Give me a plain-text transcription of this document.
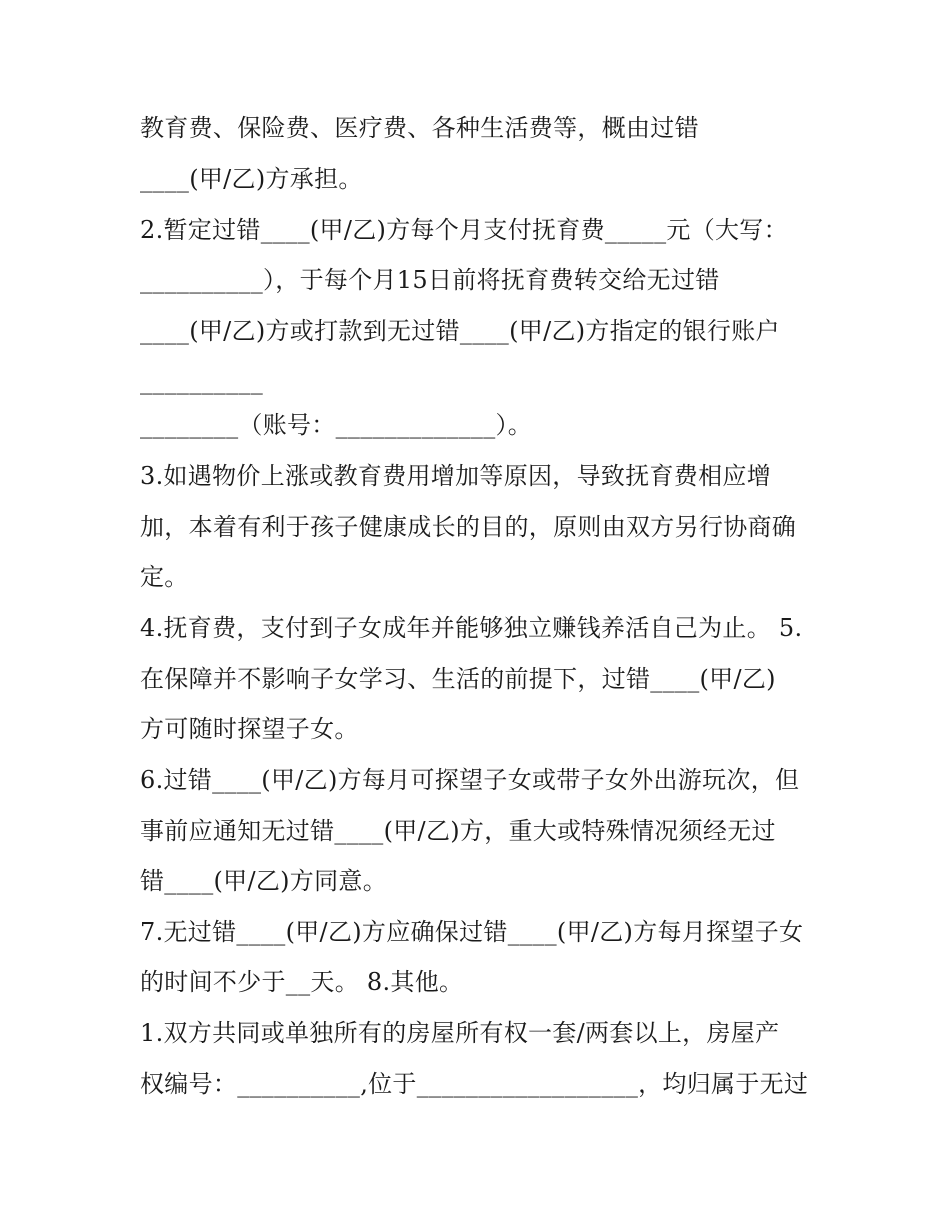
教育费、保险费、医疗费、各种生活费等，概由过错
____(甲/乙)方承担。
2.暂定过错____(甲/乙)方每个月支付抚育费_____元（大写：
__________），于每个月15日前将抚育费转交给无过错
____(甲/乙)方或打款到无过错____(甲/乙)方指定的银行账户
__________
________（账号：_____________）。
3.如遇物价上涨或教育费用增加等原因，导致抚育费相应增
加，本着有利于孩子健康成长的目的，原则由双方另行协商确
定。
4.抚育费，支付到子女成年并能够独立赚钱养活自己为止。 5.
在保障并不影响子女学习、生活的前提下，过错____(甲/乙)
方可随时探望子女。
6.过错____(甲/乙)方每月可探望子女或带子女外出游玩次，但
事前应通知无过错____(甲/乙)方，重大或特殊情况须经无过
错____(甲/乙)方同意。
7.无过错____(甲/乙)方应确保过错____(甲/乙)方每月探望子女
的时间不少于__天。 8.其他。
1.双方共同或单独所有的房屋所有权一套/两套以上，房屋产
权编号：__________,位于__________________，均归属于无过
